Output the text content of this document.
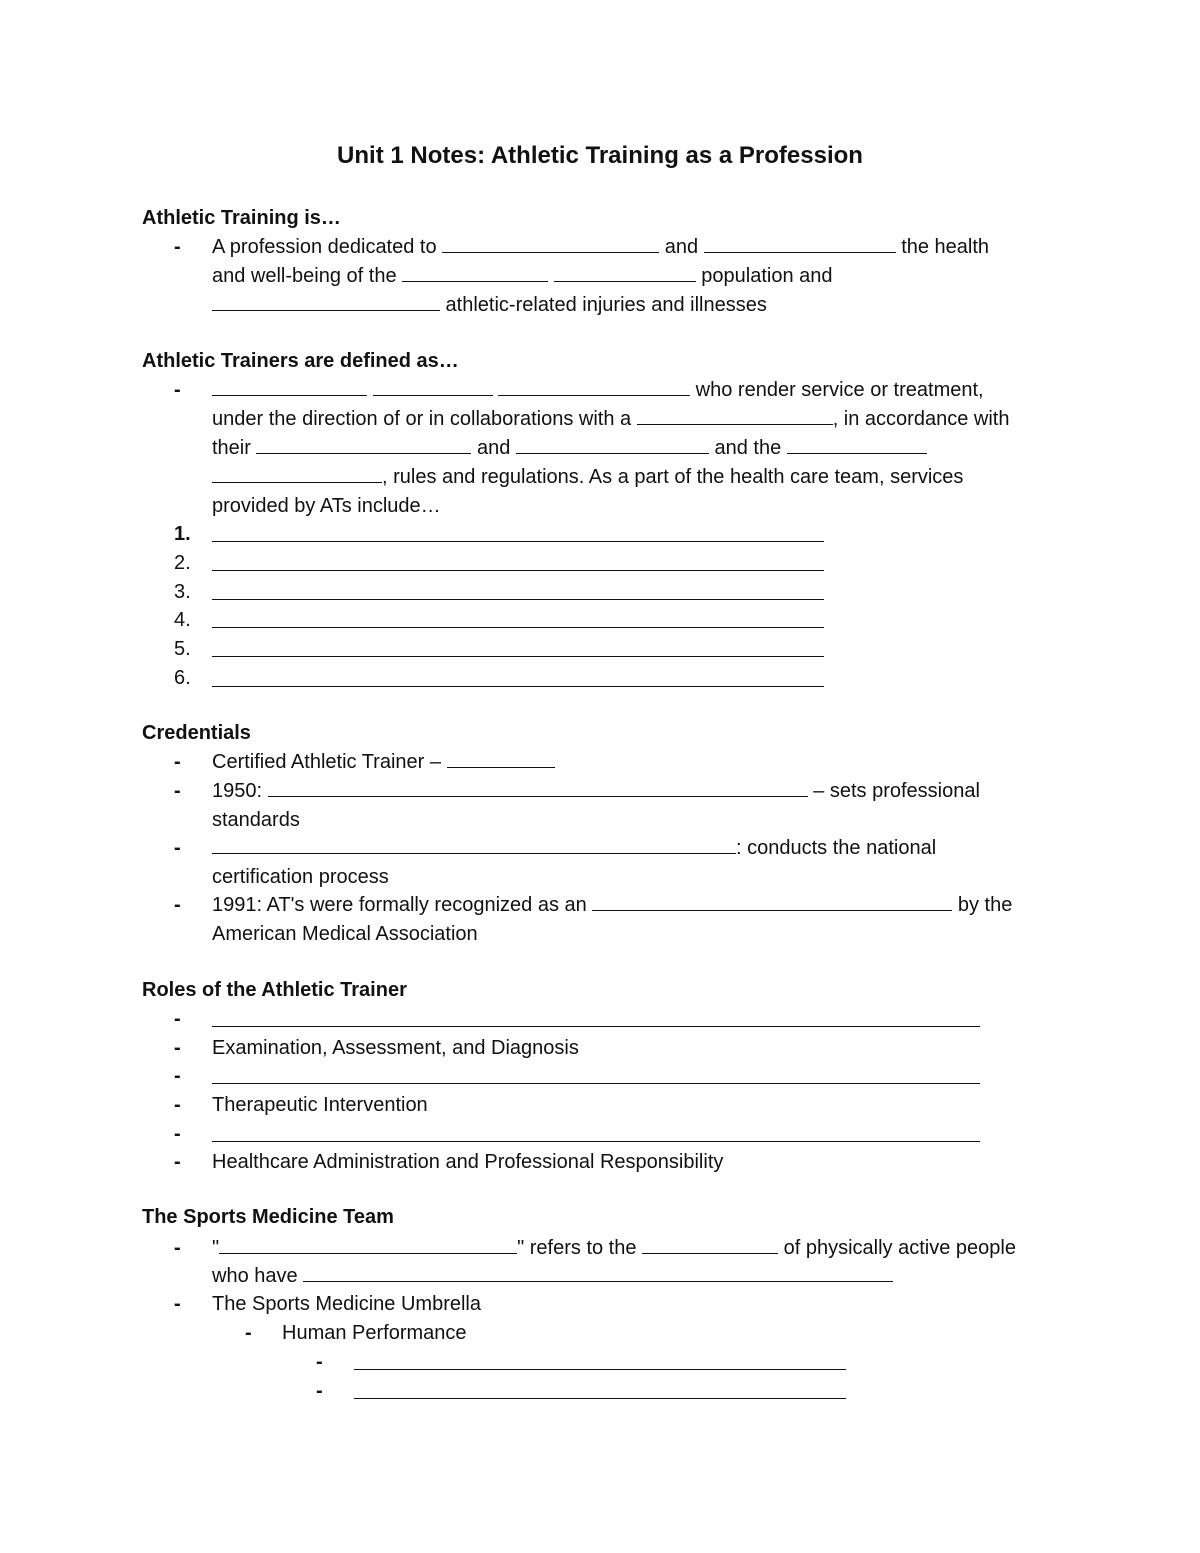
Unit 1 Notes: Athletic Training as a Profession
Athletic Training is…
- A profession dedicated to	and	the health
and well-being of the	population and
athletic-related injuries and illnesses
Athletic Trainers are defined as…
-	who render service or treatment,
under the direction of or in collaborations with a	, in accordance with
their	and	and the
, rules and regulations. As a part of the health care team, services
provided by ATs include…
1.
2.
3.
4.
5.
6.
Credentials
- Certified Athletic Trainer –
- 1950:	– sets professional
standards
-	: conducts the national
certification process
- 1991: AT's were formally recognized as an	by the
American Medical Association
Roles of the Athletic Trainer
-
- Examination, Assessment, and Diagnosis
-
- Therapeutic Intervention
-
- Healthcare Administration and Professional Responsibility
The Sports Medicine Team
- "	" refers to the	of physically active people
who have
- The Sports Medicine Umbrella
- Human Performance
-
-
